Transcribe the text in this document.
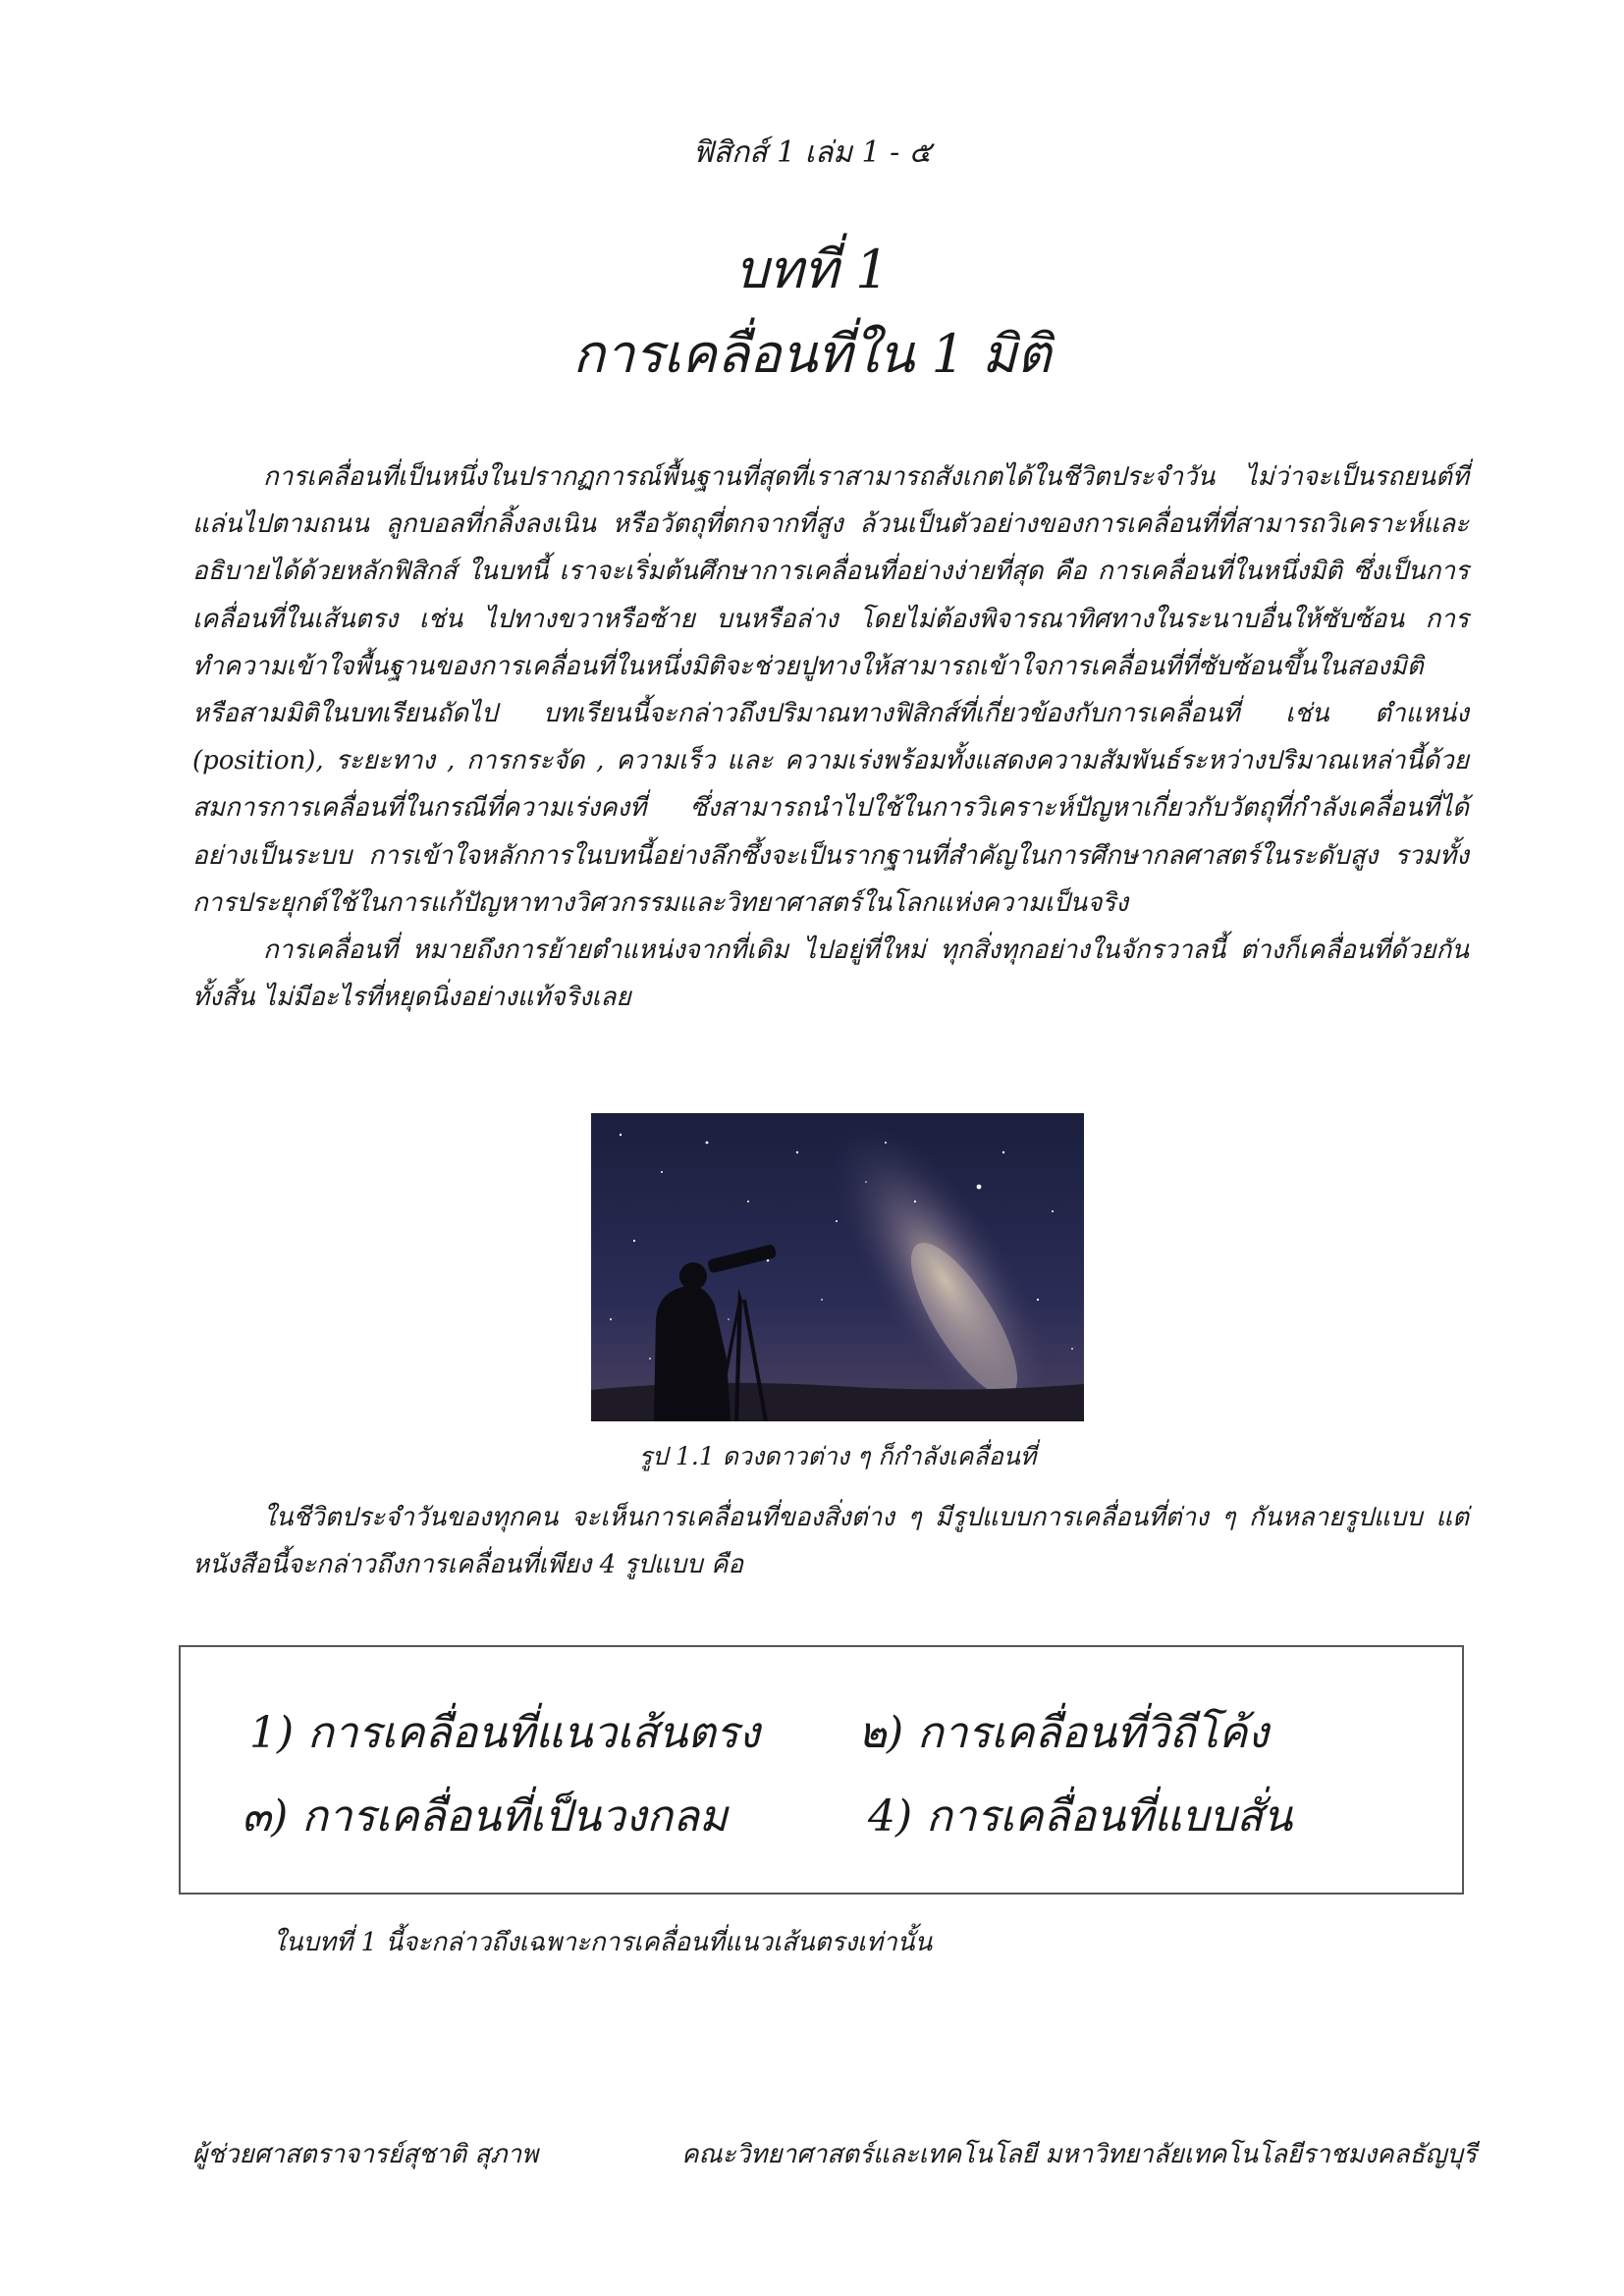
ฟิสิกส์ 1 เล่ม 1 - ๕
บทที่ 1
การเคลื่อนที่ใน 1 มิติ

การเคลื่อนที่เป็นหนึ่งในปรากฏการณ์พื้นฐานที่สุดที่เราสามารถสังเกตได้ในชีวิตประจำวัน ไม่ว่าจะเป็นรถยนต์ที่แล่นไปตามถนน ลูกบอลที่กลิ้งลงเนิน หรือวัตถุที่ตกจากที่สูง ล้วนเป็นตัวอย่างของการเคลื่อนที่ที่สามารถวิเคราะห์และอธิบายได้ด้วยหลักฟิสิกส์ ในบทนี้ เราจะเริ่มต้นศึกษาการเคลื่อนที่อย่างง่ายที่สุด คือ การเคลื่อนที่ในหนึ่งมิติ ซึ่งเป็นการเคลื่อนที่ในเส้นตรง เช่น ไปทางขวาหรือซ้าย บนหรือล่าง โดยไม่ต้องพิจารณาทิศทางในระนาบอื่นให้ซับซ้อน การทำความเข้าใจพื้นฐานของการเคลื่อนที่ในหนึ่งมิติจะช่วยปูทางให้สามารถเข้าใจการเคลื่อนที่ที่ซับซ้อนขึ้นในสองมิติหรือสามมิติในบทเรียนถัดไป บทเรียนนี้จะกล่าวถึงปริมาณทางฟิสิกส์ที่เกี่ยวข้องกับการเคลื่อนที่ เช่น ตำแหน่ง (position), ระยะทาง , การกระจัด , ความเร็ว และ ความเร่งพร้อมทั้งแสดงความสัมพันธ์ระหว่างปริมาณเหล่านี้ด้วยสมการการเคลื่อนที่ในกรณีที่ความเร่งคงที่ ซึ่งสามารถนำไปใช้ในการวิเคราะห์ปัญหาเกี่ยวกับวัตถุที่กำลังเคลื่อนที่ได้อย่างเป็นระบบ การเข้าใจหลักการในบทนี้อย่างลึกซึ้งจะเป็นรากฐานที่สำคัญในการศึกษากลศาสตร์ในระดับสูง รวมทั้งการประยุกต์ใช้ในการแก้ปัญหาทางวิศวกรรมและวิทยาศาสตร์ในโลกแห่งความเป็นจริง

การเคลื่อนที่ หมายถึงการย้ายตำแหน่งจากที่เดิม ไปอยู่ที่ใหม่ ทุกสิ่งทุกอย่างในจักรวาลนี้ ต่างก็เคลื่อนที่ด้วยกันทั้งสิ้น ไม่มีอะไรที่หยุดนิ่งอย่างแท้จริงเลย

รูป 1.1 ดวงดาวต่าง ๆ ก็กำลังเคลื่อนที่

ในชีวิตประจำวันของทุกคน จะเห็นการเคลื่อนที่ของสิ่งต่าง ๆ มีรูปแบบการเคลื่อนที่ต่าง ๆ กันหลายรูปแบบ แต่หนังสือนี้จะกล่าวถึงการเคลื่อนที่เพียง 4 รูปแบบ คือ

1) การเคลื่อนที่แนวเส้นตรง ๒) การเคลื่อนที่วิถีโค้ง
๓) การเคลื่อนที่เป็นวงกลม	4) การเคลื่อนที่แบบสั่น
ในบทที่ 1 นี้จะกล่าวถึงเฉพาะการเคลื่อนที่แนวเส้นตรงเท่านั้น
ผู้ช่วยศาสตราจารย์สุชาติ สุภาพ	คณะวิทยาศาสตร์และเทคโนโลยี มหาวิทยาลัยเทคโนโลยีราชมงคลธัญบุรี
